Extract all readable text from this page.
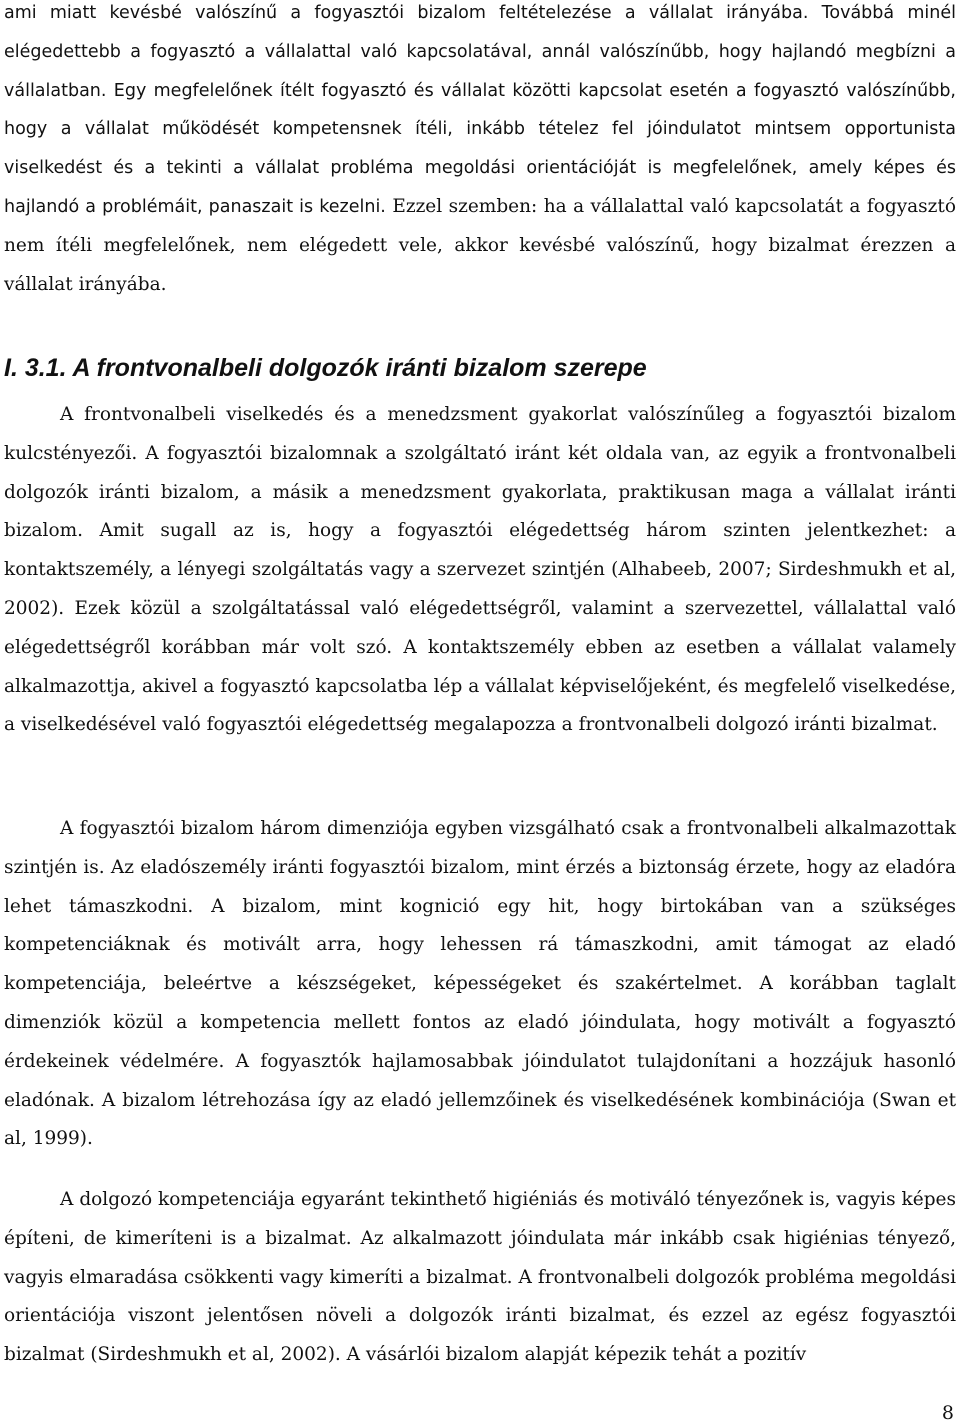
ami miatt kevésbé valószínű a fogyasztói bizalom feltételezése a vállalat irányába. Továbbá minél elégedettebb a fogyasztó a vállalattal való kapcsolatával, annál valószínűbb, hogy hajlandó megbízni a vállalatban. Egy megfelelőnek ítélt fogyasztó és vállalat közötti kapcsolat esetén a fogyasztó valószínűbb, hogy a vállalat működését kompetensnek ítéli, inkább tételez fel jóindulatot mintsem opportunista viselkedést és a tekinti a vállalat probléma megoldási orientációját is megfelelőnek, amely képes és hajlandó a problémáit, panaszait is kezelni. Ezzel szemben: ha a vállalattal való kapcsolatát a fogyasztó nem ítéli megfelelőnek, nem elégedett vele, akkor kevésbé valószínű, hogy bizalmat érezzen a vállalat irányába.

I. 3.1. A frontvonalbeli dolgozók iránti bizalom szerepe

A frontvonalbeli viselkedés és a menedzsment gyakorlat valószínűleg a fogyasztói bizalom kulcstényezői. A fogyasztói bizalomnak a szolgáltató iránt két oldala van, az egyik a frontvonalbeli dolgozók iránti bizalom, a másik a menedzsment gyakorlata, praktikusan maga a vállalat iránti bizalom. Amit sugall az is, hogy a fogyasztói elégedettség három szinten jelentkezhet: a kontaktszemély, a lényegi szolgáltatás vagy a szervezet szintjén (Alhabeeb, 2007; Sirdeshmukh et al, 2002). Ezek közül a szolgáltatással való elégedettségről, valamint a szervezettel, vállalattal való elégedettségről korábban már volt szó. A kontaktszemély ebben az esetben a vállalat valamely alkalmazottja, akivel a fogyasztó kapcsolatba lép a vállalat képviselőjeként, és megfelelő viselkedése, a viselkedésével való fogyasztói elégedettség megalapozza a frontvonalbeli dolgozó iránti bizalmat.

A fogyasztói bizalom három dimenziója egyben vizsgálható csak a frontvonalbeli alkalmazottak szintjén is. Az eladószemély iránti fogyasztói bizalom, mint érzés a biztonság érzete, hogy az eladóra lehet támaszkodni. A bizalom, mint kognició egy hit, hogy birtokában van a szükséges kompetenciáknak és motivált arra, hogy lehessen rá támaszkodni, amit támogat az eladó kompetenciája, beleértve a készségeket, képességeket és szakértelmet. A korábban taglalt dimenziók közül a kompetencia mellett fontos az eladó jóindulata, hogy motivált a fogyasztó érdekeinek védelmére. A fogyasztók hajlamosabbak jóindulatot tulajdonítani a hozzájuk hasonló eladónak. A bizalom létrehozása így az eladó jellemzőinek és viselkedésének kombinációja (Swan et al, 1999).

A dolgozó kompetenciája egyaránt tekinthető higiéniás és motiváló tényezőnek is, vagyis képes építeni, de kimeríteni is a bizalmat. Az alkalmazott jóindulata már inkább csak higiénias tényező, vagyis elmaradása csökkenti vagy kimeríti a bizalmat. A frontvonalbeli dolgozók probléma megoldási orientációja viszont jelentősen növeli a dolgozók iránti bizalmat, és ezzel az egész fogyasztói bizalmat (Sirdeshmukh et al, 2002). A vásárlói bizalom alapját képezik tehát a pozitív

8
